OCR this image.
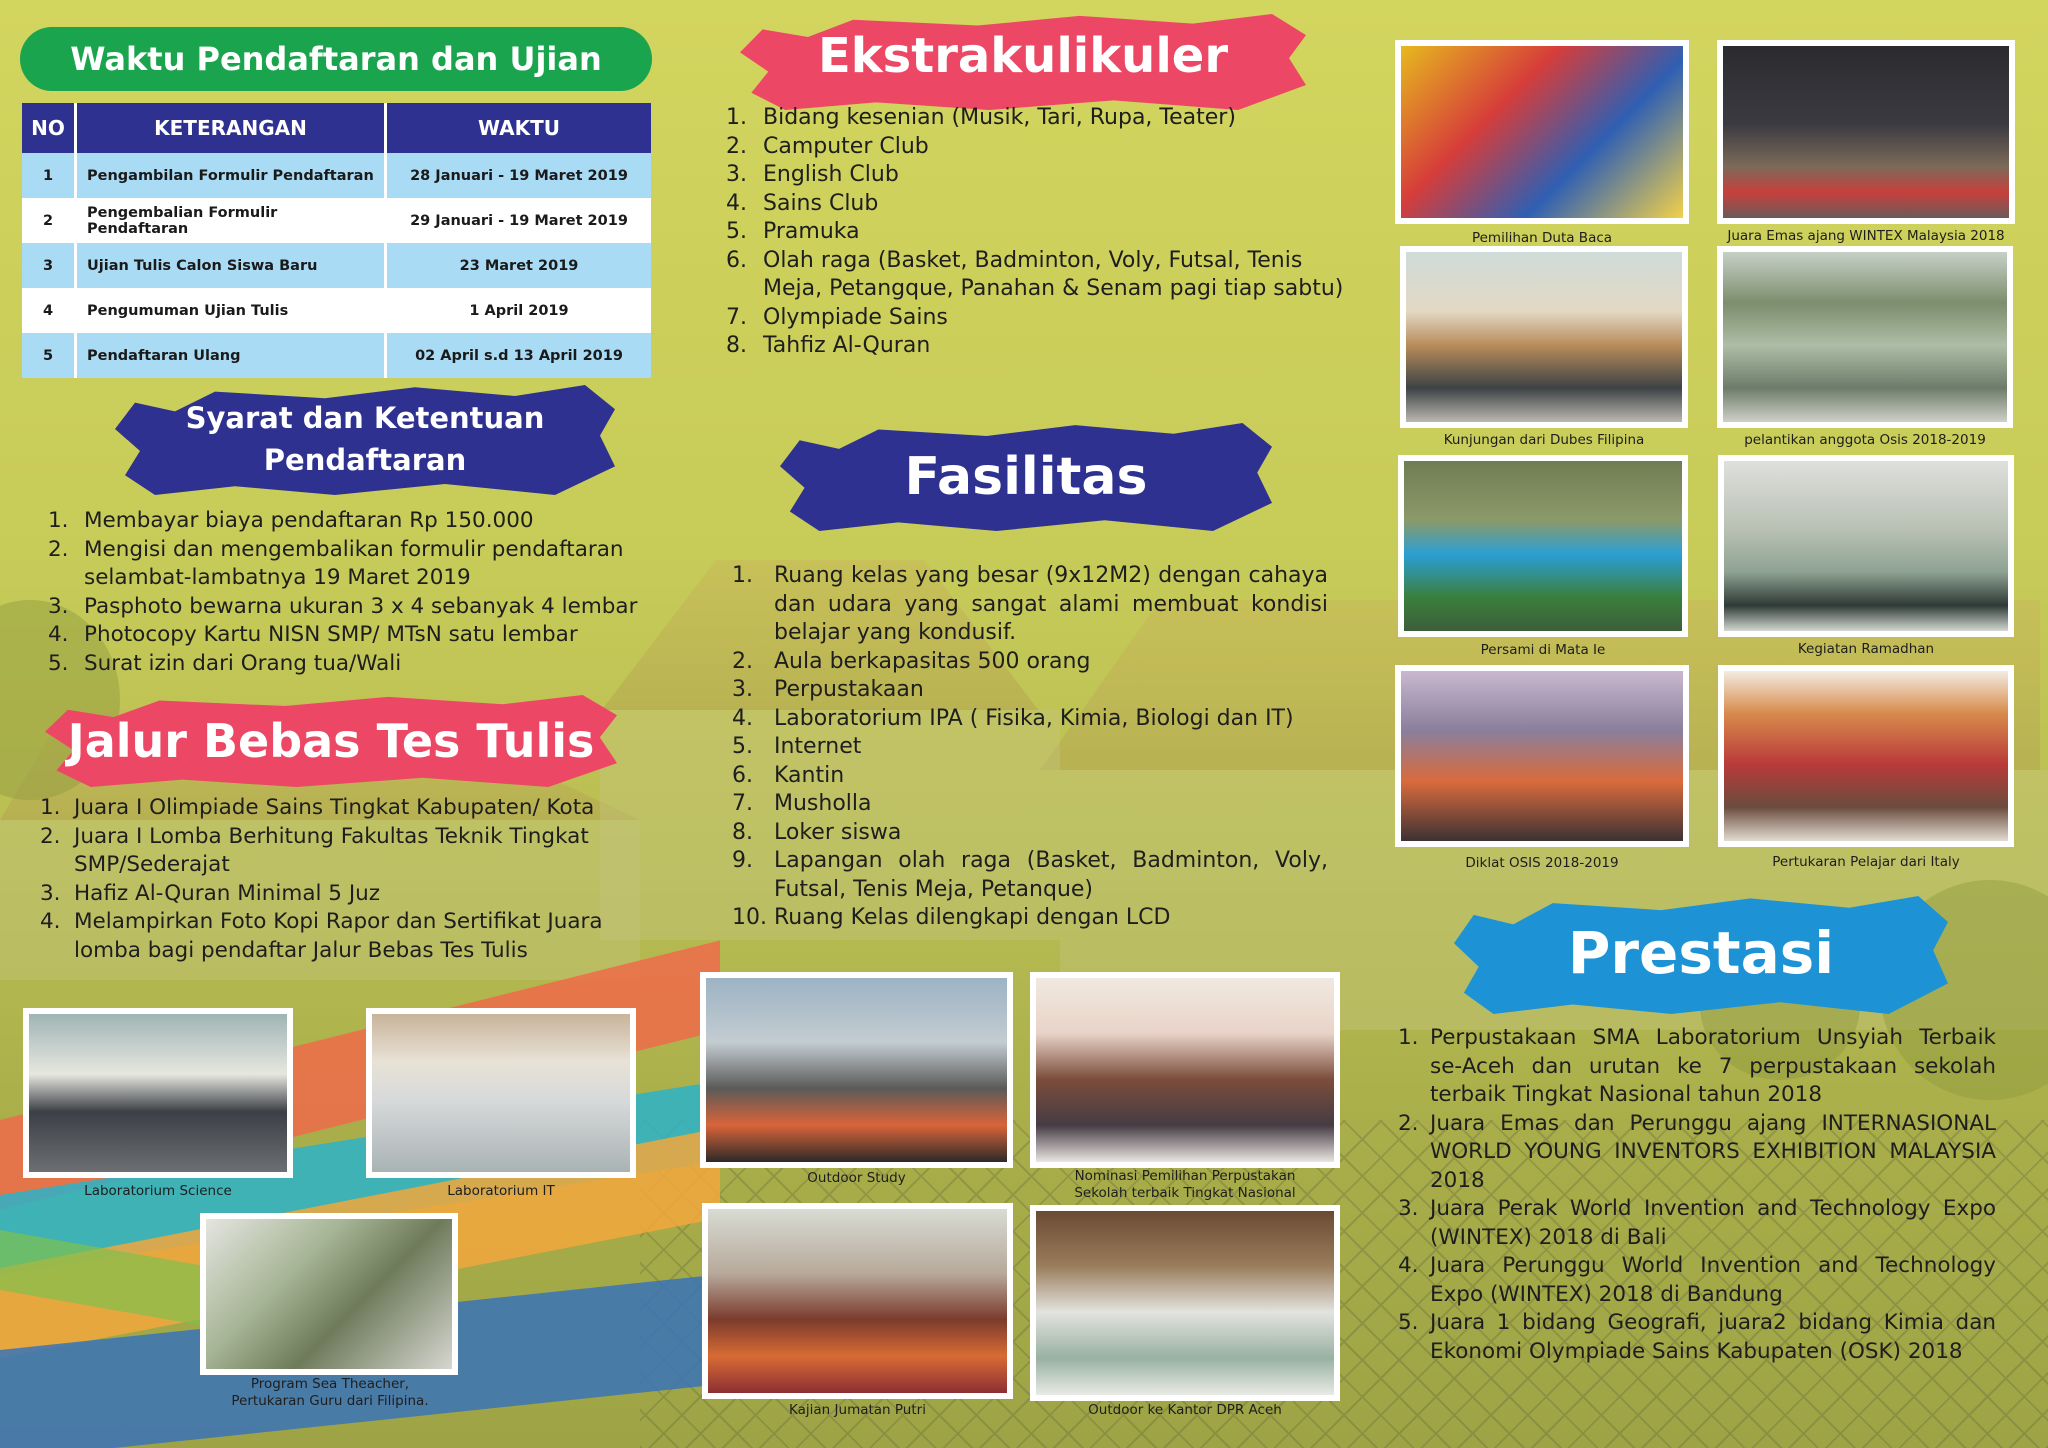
Waktu Pendaftaran dan Ujian
NO	KETERANGAN	WAKTU
1	Pengambilan Formulir Pendaftaran	28 Januari - 19 Maret 2019
2	Pengembalian Formulir Pendaftaran	29 Januari - 19 Maret 2019
3	Ujian Tulis Calon Siswa Baru	23 Maret 2019
4	Pengumuman Ujian Tulis	1 April 2019
5	Pendaftaran Ulang	02 April s.d 13 April 2019
Syarat dan Ketentuan
Pendaftaran
1. Membayar biaya pendaftaran Rp 150.000
2. Mengisi dan mengembalikan formulir pendaftaran selambat-lambatnya 19 Maret 2019
3. Pasphoto bewarna ukuran 3 x 4 sebanyak 4 lembar
4. Photocopy Kartu NISN SMP/ MTsN satu lembar
5. Surat izin dari Orang tua/Wali
Jalur Bebas Tes Tulis
1. Juara I Olimpiade Sains Tingkat Kabupaten/ Kota
2. Juara I Lomba Berhitung Fakultas Teknik Tingkat SMP/Sederajat
3. Hafiz Al-Quran Minimal 5 Juz
4. Melampirkan Foto Kopi Rapor dan Sertifikat Juara lomba bagi pendaftar Jalur Bebas Tes Tulis
Laboratorium Science	Laboratorium IT
Program Sea Theacher,
Pertukaran Guru dari Filipina.
Ekstrakulikuler
1. Bidang kesenian (Musik, Tari, Rupa, Teater)
2. Camputer Club
3. English Club
4. Sains Club
5. Pramuka
6. Olah raga (Basket, Badminton, Voly, Futsal, Tenis Meja, Petangque, Panahan & Senam pagi tiap sabtu)
7. Olympiade Sains
8. Tahfiz Al-Quran
Fasilitas
1. Ruang kelas yang besar (9x12M2) dengan cahaya dan udara yang sangat alami membuat kondisi belajar yang kondusif.
2. Aula berkapasitas 500 orang
3. Perpustakaan
4. Laboratorium IPA ( Fisika, Kimia, Biologi dan IT)
5. Internet
6. Kantin
7. Musholla
8. Loker siswa
9. Lapangan olah raga (Basket, Badminton, Voly, Futsal, Tenis Meja, Petanque)
10. Ruang Kelas dilengkapi dengan LCD
Outdoor Study	Nominasi Pemilihan Perpustakan
Sekolah terbaik Tingkat Nasional
Kajian Jumatan Putri	Outdoor ke Kantor DPR Aceh
Pemilihan Duta Baca	Juara Emas ajang WINTEX Malaysia 2018
Kunjungan dari Dubes Filipina	pelantikan anggota Osis 2018-2019
Persami di Mata Ie	Kegiatan Ramadhan
Diklat OSIS 2018-2019	Pertukaran Pelajar dari Italy
Prestasi
1. Perpustakaan SMA Laboratorium Unsyiah Terbaik se-Aceh dan urutan ke 7 perpustakaan sekolah terbaik Tingkat Nasional tahun 2018
2. Juara Emas dan Perunggu ajang INTERNASIONAL WORLD YOUNG INVENTORS EXHIBITION MALAYSIA 2018
3. Juara Perak World Invention and Technology Expo (WINTEX) 2018 di Bali
4. Juara Perunggu World Invention and Technology Expo (WINTEX) 2018 di Bandung
5. Juara 1 bidang Geografi, juara2 bidang Kimia dan Ekonomi Olympiade Sains Kabupaten (OSK) 2018
